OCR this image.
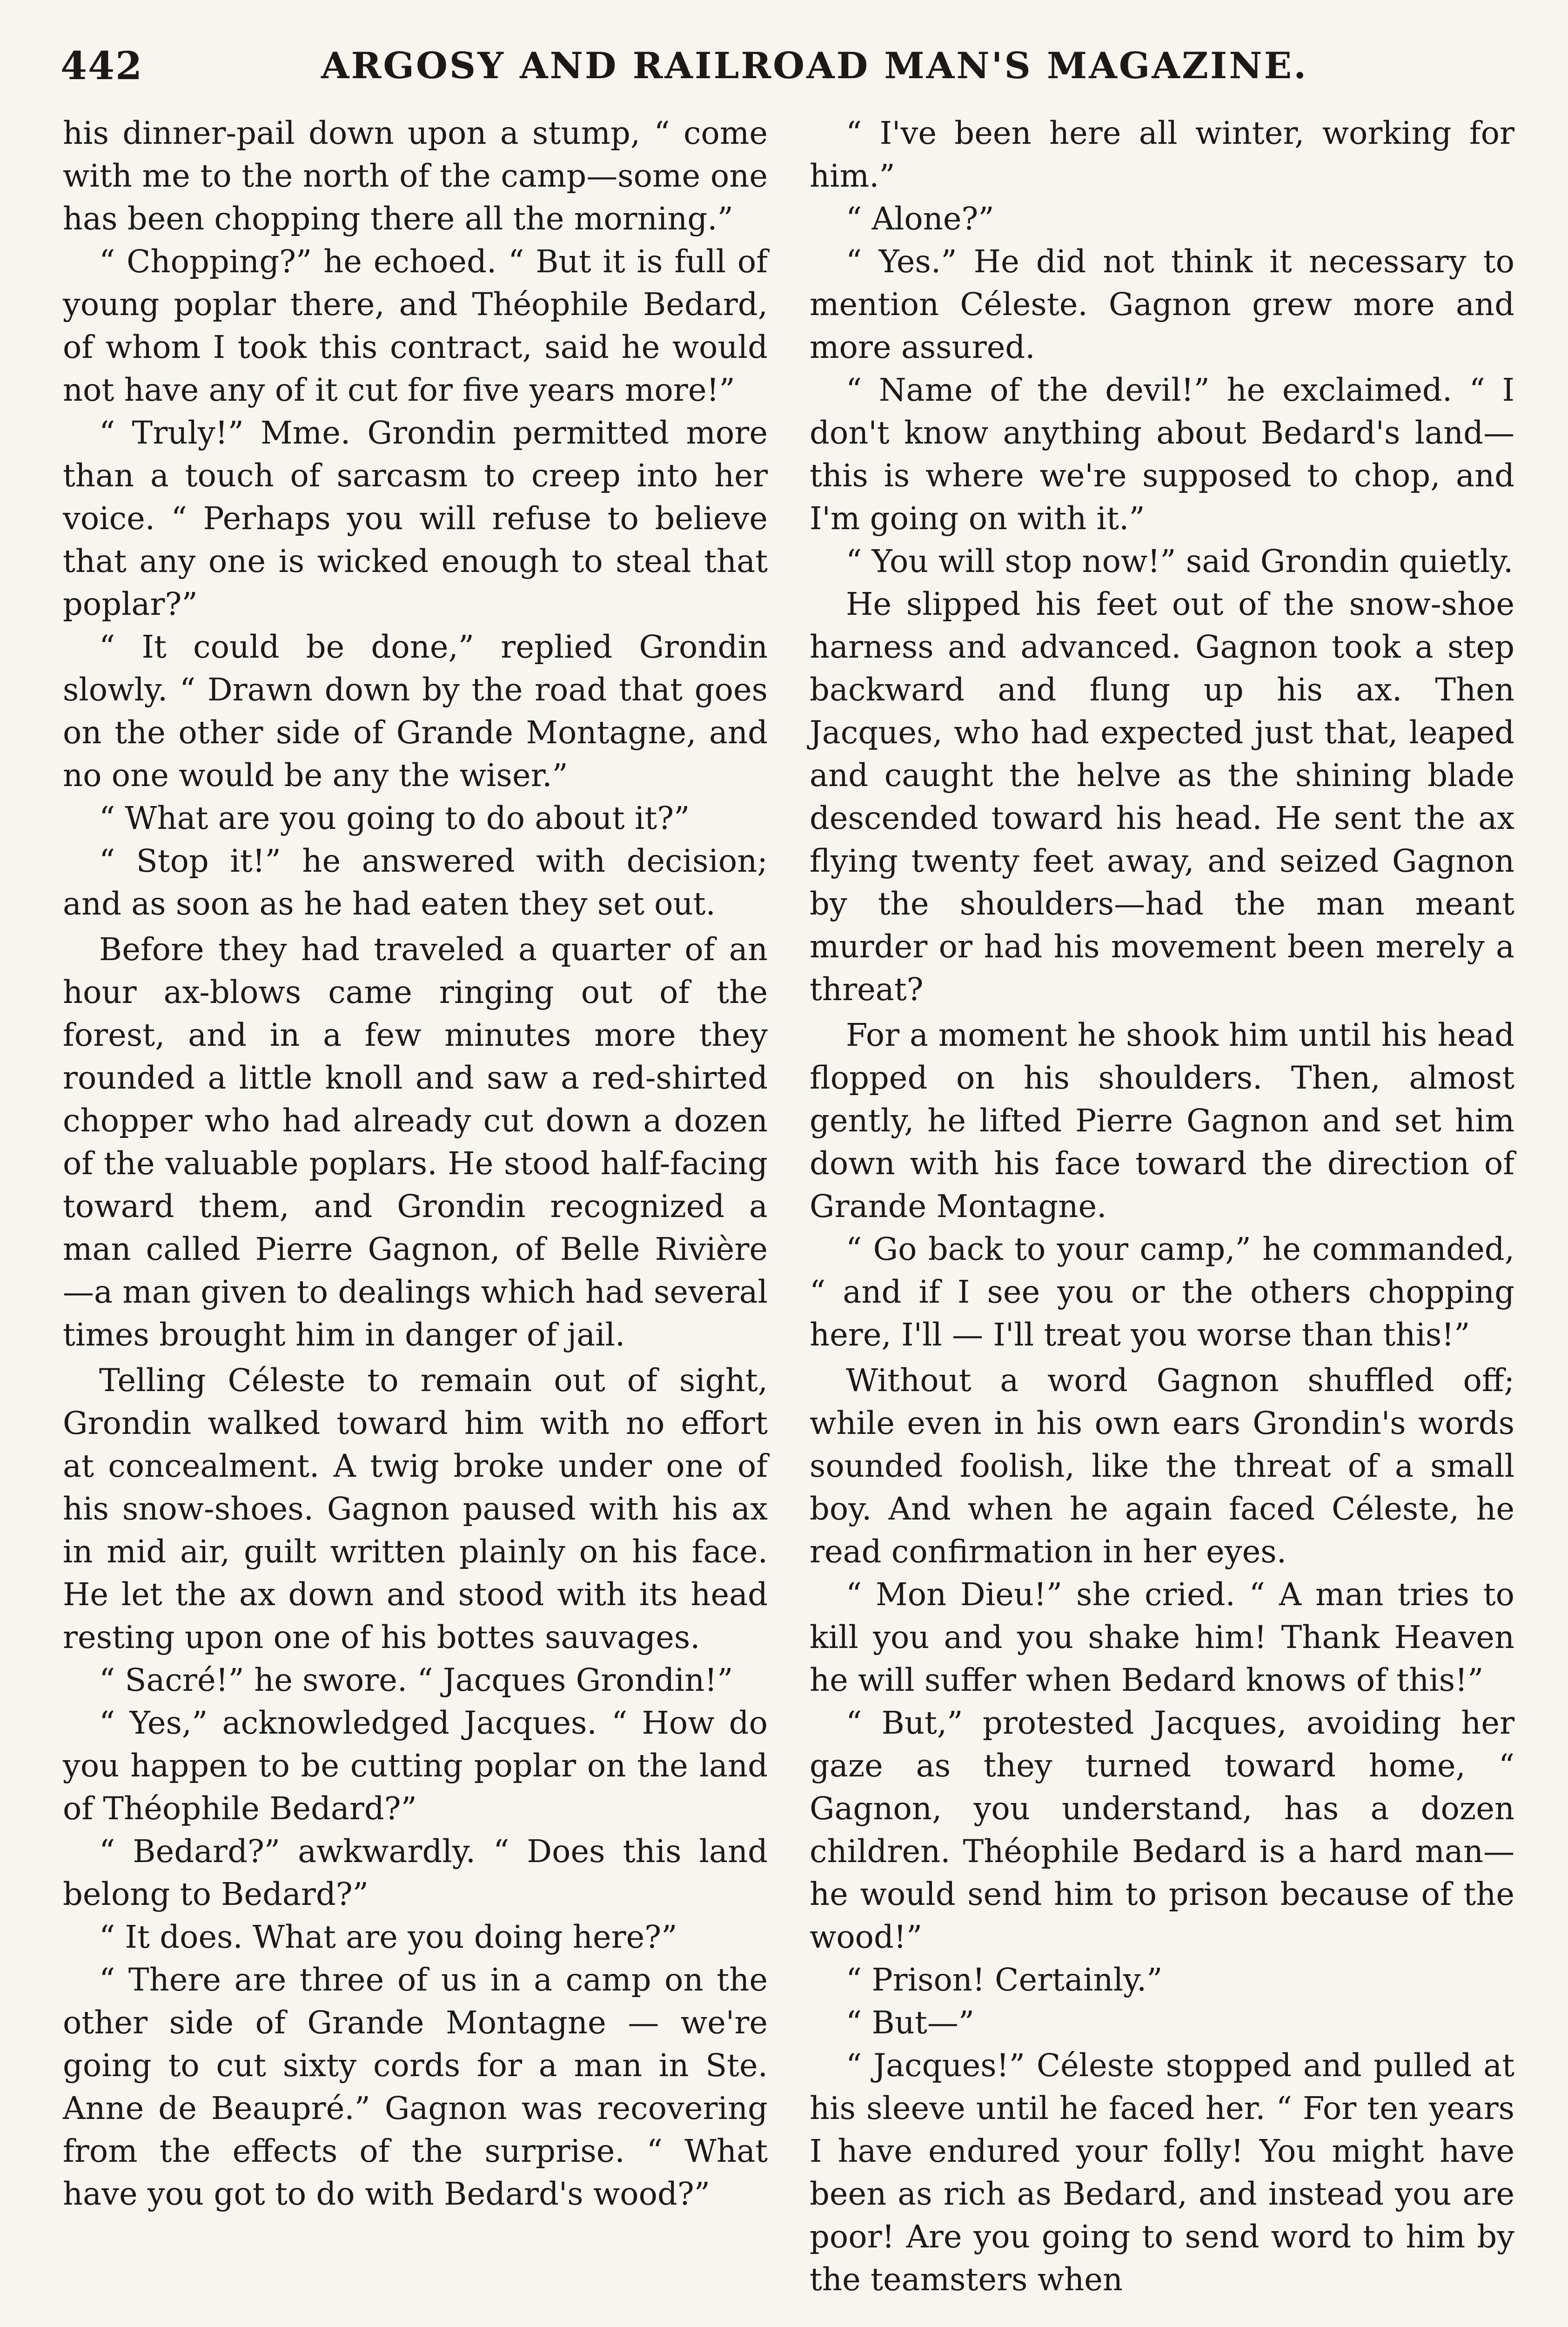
442	ARGOSY AND RAILROAD MAN'S MAGAZINE.

his dinner-pail down upon a stump, “ come with me to the north of the camp—some one has been chopping there all the morning.”

“ Chopping?” he echoed. “ But it is full of young poplar there, and Théophile Bedard, of whom I took this contract, said he would not have any of it cut for five years more!”

“ Truly!” Mme. Grondin permitted more than a touch of sarcasm to creep into her voice. “ Perhaps you will refuse to believe that any one is wicked enough to steal that poplar?”

“ It could be done,” replied Grondin slowly. “ Drawn down by the road that goes on the other side of Grande Montagne, and no one would be any the wiser.”

“ What are you going to do about it?”

“ Stop it!” he answered with decision; and as soon as he had eaten they set out.

Before they had traveled a quarter of an hour ax-blows came ringing out of the forest, and in a few minutes more they rounded a little knoll and saw a red-shirted chopper who had already cut down a dozen of the valuable poplars. He stood half-facing toward them, and Grondin recognized a man called Pierre Gagnon, of Belle Rivière—a man given to dealings which had several times brought him in danger of jail.

Telling Céleste to remain out of sight, Grondin walked toward him with no effort at concealment. A twig broke under one of his snow-shoes. Gagnon paused with his ax in mid air, guilt written plainly on his face. He let the ax down and stood with its head resting upon one of his bottes sauvages.

“ Sacré!” he swore. “ Jacques Grondin!”

“ Yes,” acknowledged Jacques. “ How do you happen to be cutting poplar on the land of Théophile Bedard?”

“ Bedard?” awkwardly. “ Does this land belong to Bedard?”

“ It does. What are you doing here?”

“ There are three of us in a camp on the other side of Grande Montagne — we're going to cut sixty cords for a man in Ste. Anne de Beaupré.” Gagnon was recovering from the effects of the surprise. “ What have you got to do with Bedard's wood?”

“ I've been here all winter, working for him.”

“ Alone?”

“ Yes.” He did not think it necessary to mention Céleste. Gagnon grew more and more assured.

“ Name of the devil!” he exclaimed. “ I don't know anything about Bedard's land—this is where we're supposed to chop, and I'm going on with it.”

“ You will stop now!” said Grondin quietly.

He slipped his feet out of the snow-shoe harness and advanced. Gagnon took a step backward and flung up his ax. Then Jacques, who had expected just that, leaped and caught the helve as the shining blade descended toward his head. He sent the ax flying twenty feet away, and seized Gagnon by the shoulders—had the man meant murder or had his movement been merely a threat?

For a moment he shook him until his head flopped on his shoulders. Then, almost gently, he lifted Pierre Gagnon and set him down with his face toward the direction of Grande Montagne.

“ Go back to your camp,” he commanded, “ and if I see you or the others chopping here, I'll — I'll treat you worse than this!”

Without a word Gagnon shuffled off; while even in his own ears Grondin's words sounded foolish, like the threat of a small boy. And when he again faced Céleste, he read confirmation in her eyes.

“ Mon Dieu!” she cried. “ A man tries to kill you and you shake him! Thank Heaven he will suffer when Bedard knows of this!”

“ But,” protested Jacques, avoiding her gaze as they turned toward home, “ Gagnon, you understand, has a dozen children. Théophile Bedard is a hard man—he would send him to prison because of the wood!”

“ Prison! Certainly.”

“ But—”

“ Jacques!” Céleste stopped and pulled at his sleeve until he faced her. “ For ten years I have endured your folly! You might have been as rich as Bedard, and instead you are poor! Are you going to send word to him by the teamsters when
